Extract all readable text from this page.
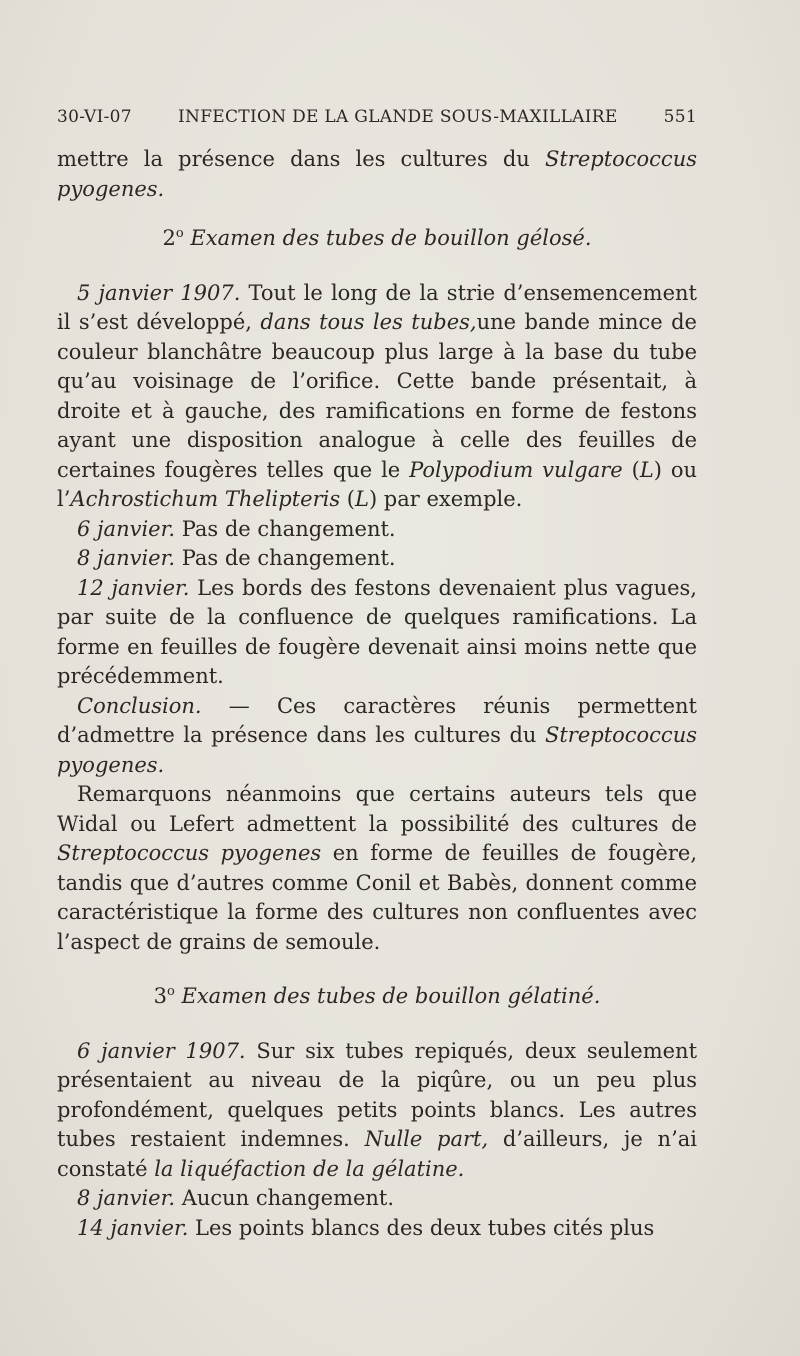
30-VI-07	INFECTION DE LA GLANDE SOUS-MAXILLAIRE	551

mettre la présence dans les cultures du Streptococcus pyogenes.

2$^o$ Examen des tubes de bouillon gélosé.

5 janvier 1907. Tout le long de la strie d’ensemencement il s’est développé, dans tous les tubes,une bande mince de couleur blanchâtre beaucoup plus large à la base du tube qu’au voisinage de l’orifice. Cette bande présentait, à droite et à gauche, des ramifications en forme de festons ayant une disposition analogue à celle des feuilles de certaines fougères telles que le Polypodium vulgare (L) ou l’Achrostichum Thelipteris (L) par exemple.

6 janvier. Pas de changement.

8 janvier. Pas de changement.

12 janvier. Les bords des festons devenaient plus vagues, par suite de la confluence de quelques ramifications. La forme en feuilles de fougère devenait ainsi moins nette que précédemment.

Conclusion. — Ces caractères réunis permettent d’admettre la présence dans les cultures du Streptococcus pyogenes.

Remarquons néanmoins que certains auteurs tels que Widal ou Lefert admettent la possibilité des cultures de Streptococcus pyogenes en forme de feuilles de fougère, tandis que d’autres comme Conil et Babès, donnent comme caractéristique la forme des cultures non confluentes avec l’aspect de grains de semoule.

3$^o$ Examen des tubes de bouillon gélatiné.

6 janvier 1907. Sur six tubes repiqués, deux seulement présentaient au niveau de la piqûre, ou un peu plus profondément, quelques petits points blancs. Les autres tubes restaient indemnes. Nulle part, d’ailleurs, je n’ai constaté la liquéfaction de la gélatine.

8 janvier. Aucun changement.

14 janvier. Les points blancs des deux tubes cités plus
